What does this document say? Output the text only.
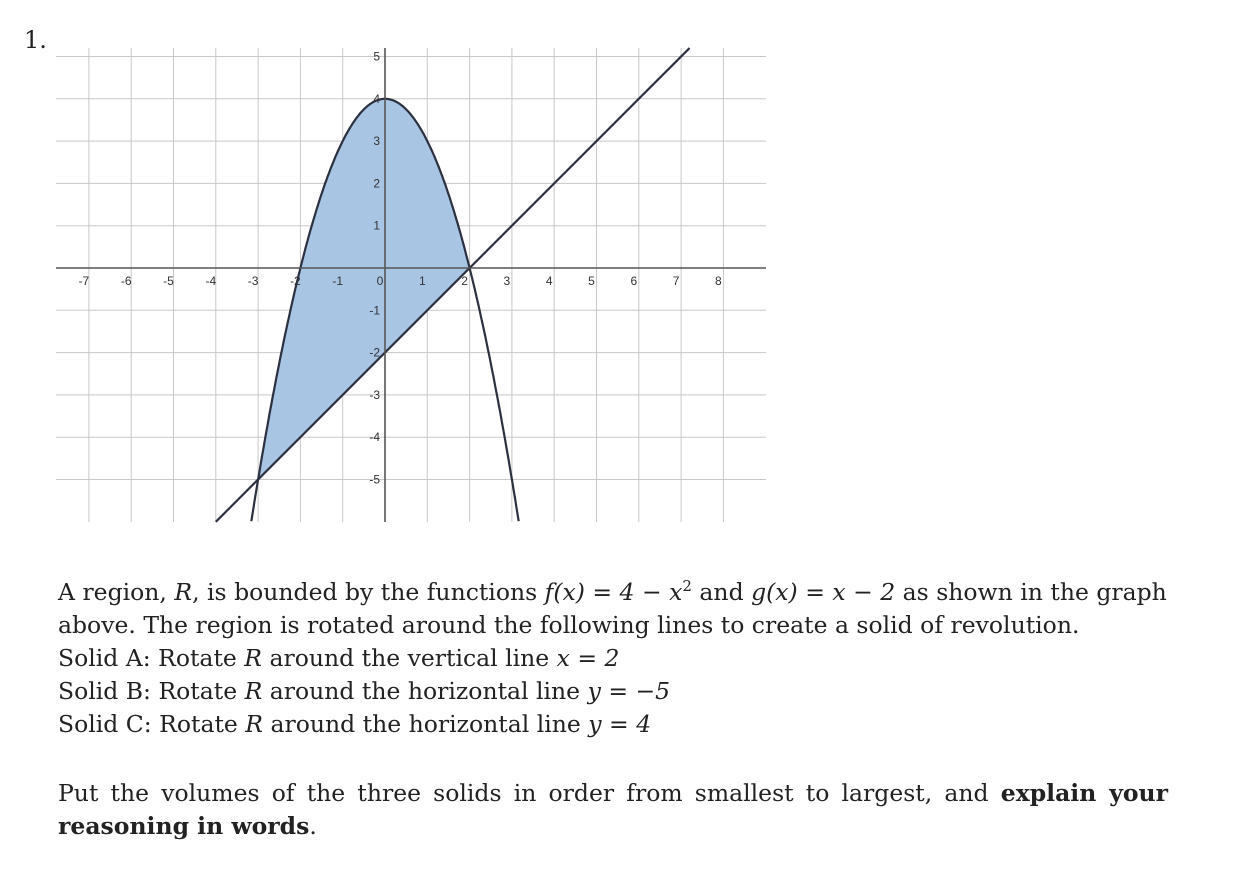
1.
-7	-6	-5	-4	-3	-2	-1	0	1	2	3	4	5	6	7	8
-5
-4
-3
-2
-1
1
2
3
4
5

A region, R, is bounded by the functions $f(x) = 4 - x^2$ and g(x) = x − 2 as shown in the graph above. The region is rotated around the following lines to create a solid of revolution.

Solid A: Rotate R around the vertical line x = 2

Solid B: Rotate R around the horizontal line y = −5

Solid C: Rotate R around the horizontal line y = 4

Put the volumes of the three solids in order from smallest to largest, and explain your reasoning in words.
